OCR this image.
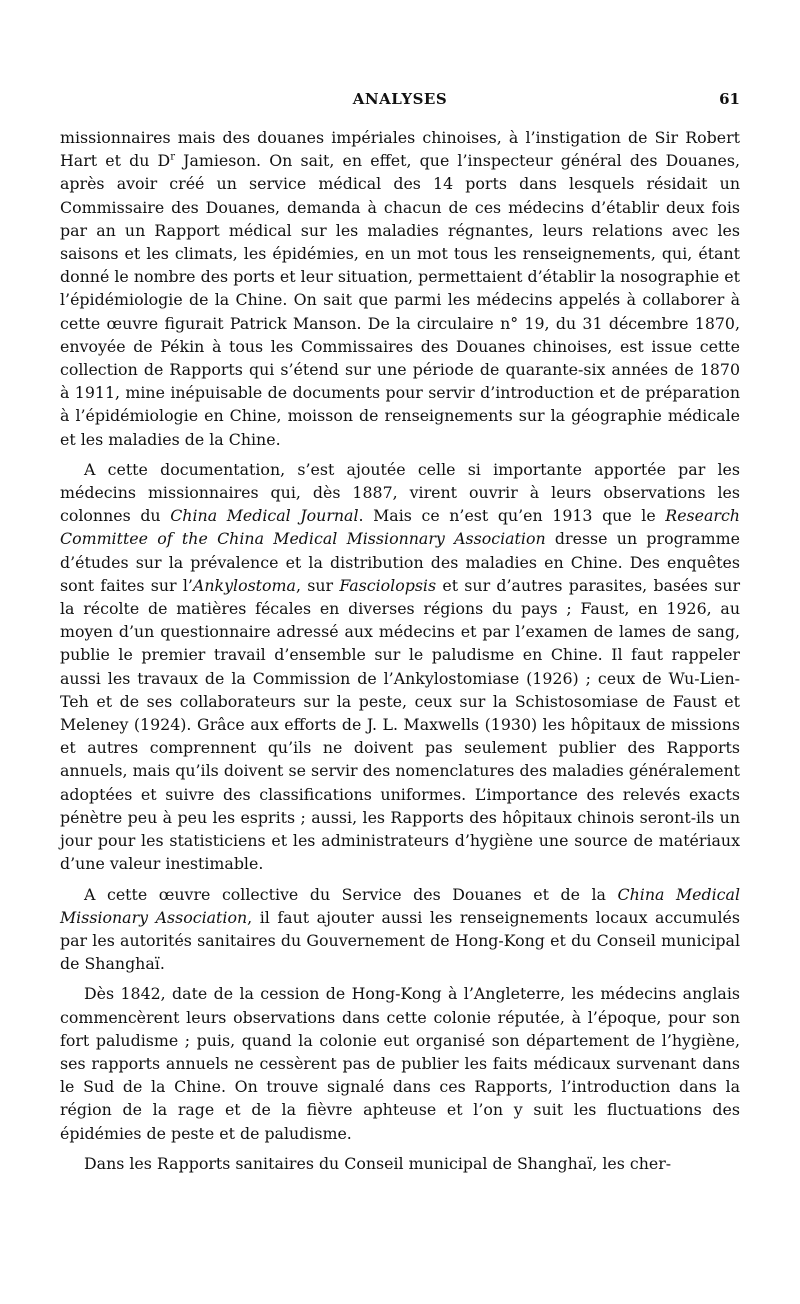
ANALYSES	61

missionnaires mais des douanes impériales chinoises, à l’instigation de Sir Robert Hart et du $D^r$ Jamieson. On sait, en effet, que l’inspecteur général des Douanes, après avoir créé un service médical des 14 ports dans lesquels résidait un Commissaire des Douanes, demanda à chacun de ces médecins d’établir deux fois par an un Rapport médical sur les maladies régnantes, leurs relations avec les saisons et les climats, les épidémies, en un mot tous les renseignements, qui, étant donné le nombre des ports et leur situation, permettaient d’établir la nosographie et l’épidémiologie de la Chine. On sait que parmi les médecins appelés à collaborer à cette œuvre figurait Patrick Manson. De la circulaire n° 19, du 31 décembre 1870, envoyée de Pékin à tous les Commissaires des Douanes chinoises, est issue cette collection de Rapports qui s’étend sur une période de quarante-six années de 1870 à 1911, mine inépuisable de documents pour servir d’introduction et de préparation à l’épidémiologie en Chine, moisson de renseignements sur la géographie médicale et les maladies de la Chine.

A cette documentation, s’est ajoutée celle si importante apportée par les médecins missionnaires qui, dès 1887, virent ouvrir à leurs observations les colonnes du China Medical Journal. Mais ce n’est qu’en 1913 que le Research Committee of the China Medical Missionnary Association dresse un programme d’études sur la prévalence et la distribution des maladies en Chine. Des enquêtes sont faites sur l’Ankylostoma, sur Fasciolopsis et sur d’autres parasites, basées sur la récolte de matières fécales en diverses régions du pays ; Faust, en 1926, au moyen d’un questionnaire adressé aux médecins et par l’examen de lames de sang, publie le premier travail d’ensemble sur le paludisme en Chine. Il faut rappeler aussi les travaux de la Commission de l’Ankylostomiase (1926) ; ceux de Wu-Lien-Teh et de ses collaborateurs sur la peste, ceux sur la Schistosomiase de Faust et Meleney (1924). Grâce aux efforts de J. L. Maxwells (1930) les hôpitaux de missions et autres comprennent qu’ils ne doivent pas seulement publier des Rapports annuels, mais qu’ils doivent se servir des nomenclatures des maladies généralement adoptées et suivre des classifications uniformes. L’importance des relevés exacts pénètre peu à peu les esprits ; aussi, les Rapports des hôpitaux chinois seront-ils un jour pour les statisticiens et les administrateurs d’hygiène une source de matériaux d’une valeur inestimable.

A cette œuvre collective du Service des Douanes et de la China Medical Missionary Association, il faut ajouter aussi les renseignements locaux accumulés par les autorités sanitaires du Gouvernement de Hong-Kong et du Conseil municipal de Shanghaï.

Dès 1842, date de la cession de Hong-Kong à l’Angleterre, les médecins anglais commencèrent leurs observations dans cette colonie réputée, à l’époque, pour son fort paludisme ; puis, quand la colonie eut organisé son département de l’hygiène, ses rapports annuels ne cessèrent pas de publier les faits médicaux survenant dans le Sud de la Chine. On trouve signalé dans ces Rapports, l’introduction dans la région de la rage et de la fièvre aphteuse et l’on y suit les fluctuations des épidémies de peste et de paludisme.

Dans les Rapports sanitaires du Conseil municipal de Shanghaï, les cher-
